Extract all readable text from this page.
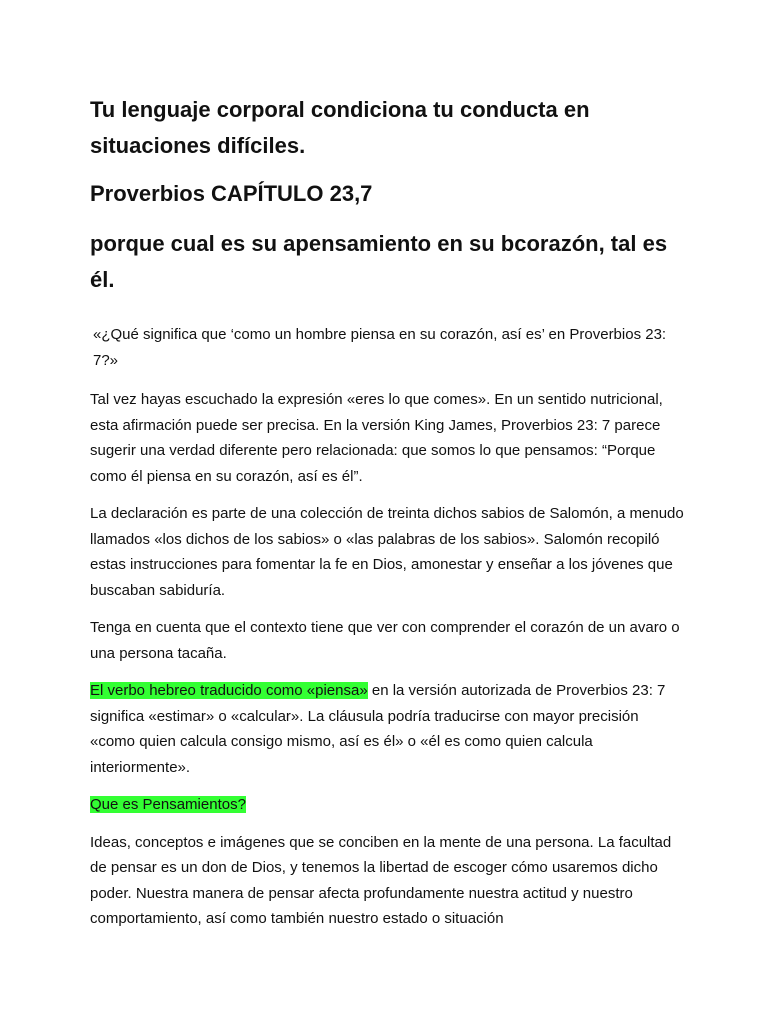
Tu lenguaje corporal condiciona tu conducta en situaciones difíciles.
Proverbios CAPÍTULO 23,7
porque cual es su apensamiento en su bcorazón, tal es él.

«¿Qué significa que ‘como un hombre piensa en su corazón, así es’ en Proverbios 23: 7?»

Tal vez hayas escuchado la expresión «eres lo que comes». En un sentido nutricional, esta afirmación puede ser precisa. En la versión King James, Proverbios 23: 7 parece sugerir una verdad diferente pero relacionada: que somos lo que pensamos: “Porque como él piensa en su corazón, así es él”.

La declaración es parte de una colección de treinta dichos sabios de Salomón, a menudo llamados «los dichos de los sabios» o «las palabras de los sabios». Salomón recopiló estas instrucciones para fomentar la fe en Dios, amonestar y enseñar a los jóvenes que buscaban sabiduría.

Tenga en cuenta que el contexto tiene que ver con comprender el corazón de un avaro o una persona tacaña.

El verbo hebreo traducido como «piensa» en la versión autorizada de Proverbios 23: 7 significa «estimar» o «calcular». La cláusula podría traducirse con mayor precisión «como quien calcula consigo mismo, así es él» o «él es como quien calcula interiormente».

Que es Pensamientos?

Ideas, conceptos e imágenes que se conciben en la mente de una persona. La facultad de pensar es un don de Dios, y tenemos la libertad de escoger cómo usaremos dicho poder. Nuestra manera de pensar afecta profundamente nuestra actitud y nuestro comportamiento, así como también nuestro estado o situación
